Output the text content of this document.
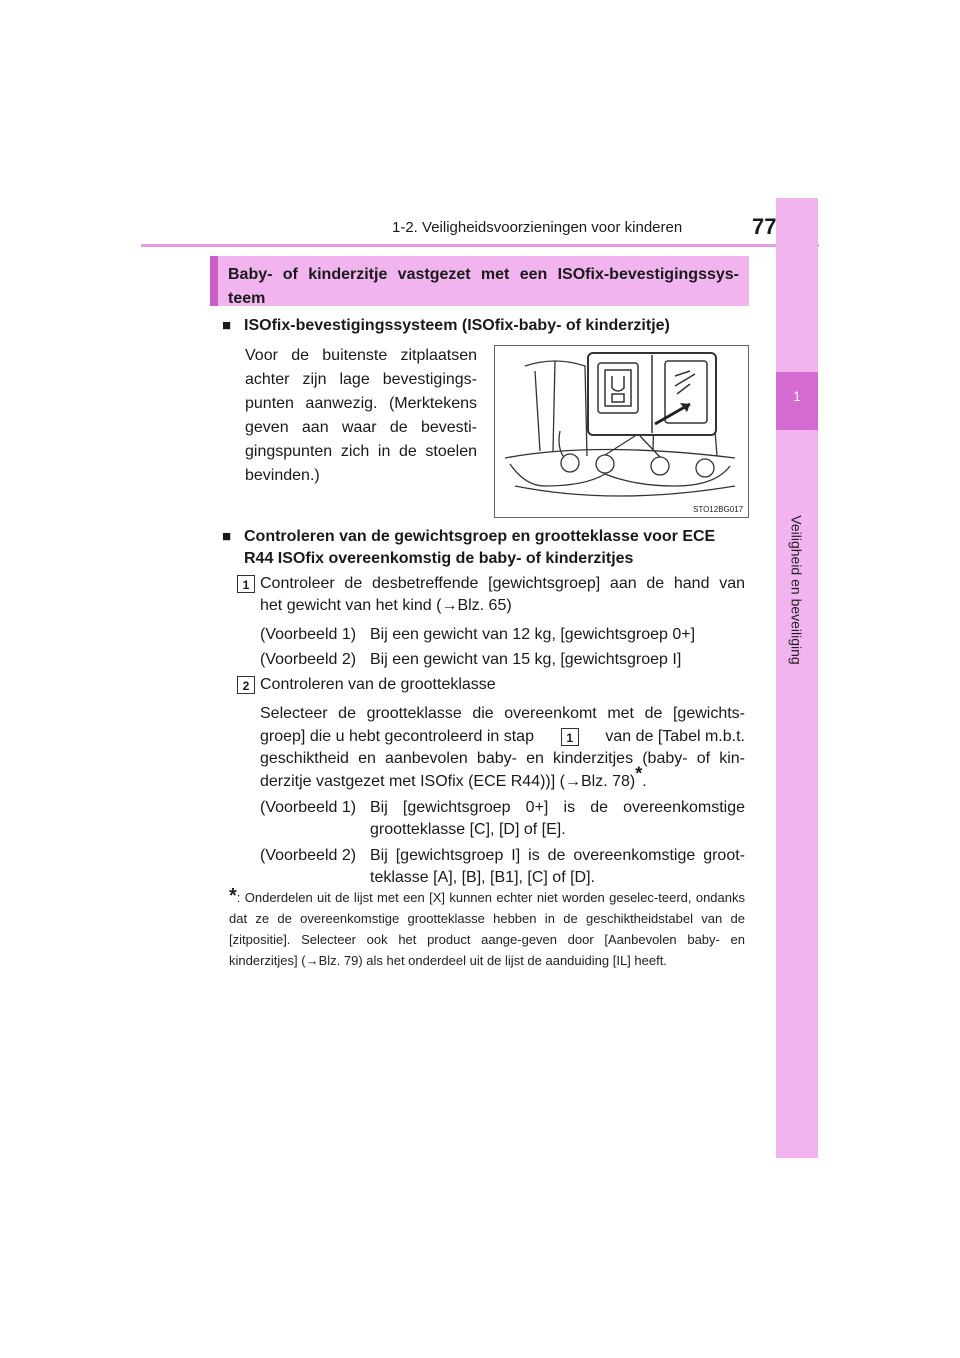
1-2. Veiligheidsvoorzieningen voor kinderen	77
1
Veiligheid en beveiliging
Baby- of kinderzitje vastgezet met een ISOfix-bevestigingssys-teem
■ ISOfix-bevestigingssysteem (ISOfix-baby- of kinderzitje)
Voor de buitenste zitplaatsen achter zijn lage bevestigings-punten aanwezig. (Merktekens geven aan waar de bevesti-gingspunten zich in de stoelen bevinden.)
STO12BG017
■ Controleren van de gewichtsgroep en grootteklasse voor ECE
R44 ISOfix overeenkomstig de baby- of kinderzitjes
1 Controleer de desbetreffende [gewichtsgroep] aan de hand van
het gewicht van het kind (→Blz. 65)
(Voorbeeld 1) Bij een gewicht van 12 kg, [gewichtsgroep 0+]
(Voorbeeld 2) Bij een gewicht van 15 kg, [gewichtsgroep I]
2 Controleren van de grootteklasse
Selecteer de grootteklasse die overeenkomt met de [gewichts-
groep] die u hebt gecontroleerd in stap	1	van de [Tabel m.b.t.
geschiktheid en aanbevolen baby- en kinderzitjes (baby- of kin-
derzitje vastgezet met ISOfix (ECE R44))] (→Blz. 78)*.
(Voorbeeld 1) Bij [gewichtsgroep 0+] is de overeenkomstige grootteklasse [C], [D] of [E].
(Voorbeeld 2) Bij [gewichtsgroep I] is de overeenkomstige groot-teklasse [A], [B], [B1], [C] of [D].
*: Onderdelen uit de lijst met een [X] kunnen echter niet worden geselec-teerd, ondanks dat ze de overeenkomstige grootteklasse hebben in de geschiktheidstabel van de [zitpositie]. Selecteer ook het product aange-geven door [Aanbevolen baby- en kinderzitjes] (→Blz. 79) als het onderdeel uit de lijst de aanduiding [IL] heeft.
